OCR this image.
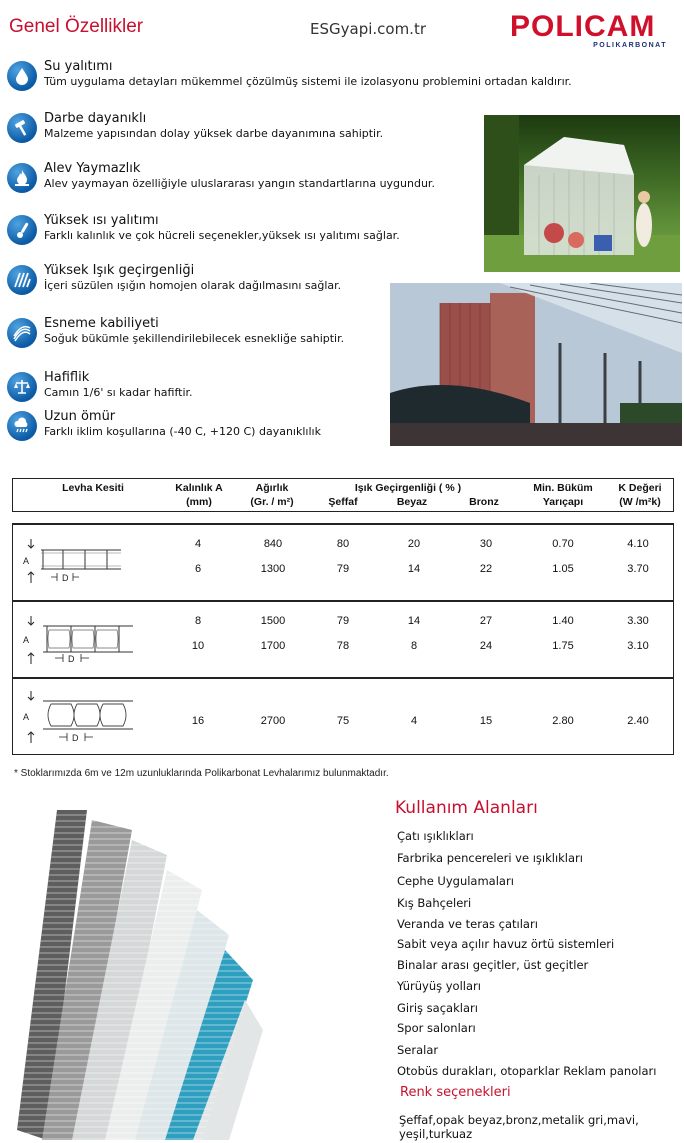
Genel Özellikler	ESGyapi.com.tr	POLICAM
POLIKARBONAT
Su yalıtımı
Tüm uygulama detayları mükemmel çözülmüş sistemi ile izolasyonu problemini ortadan kaldırır.
Darbe dayanıklı
Malzeme yapısından dolay yüksek darbe dayanımına sahiptir.
Alev Yaymazlık
Alev yaymayan özelliğiyle uluslararası yangın standartlarına uygundur.
Yüksek ısı yalıtımı
Farklı kalınlık ve çok hücreli seçenekler,yüksek ısı yalıtımı sağlar.
Yüksek Işık geçirgenliği
İçeri süzülen ışığın homojen olarak dağılmasını sağlar.
Esneme kabiliyeti
Soğuk bükümle şekillendirilebilecek esnekliğe sahiptir.
Hafiflik
Camın 1/6' sı kadar hafiftir.
Uzun ömür
Farklı iklim koşullarına (-40 C, +120 C) dayanıklılık
Levha Kesiti	Kalınlık A
(mm)
Ağırlık
(Gr. / m²)
Işık Geçirgenliği ( % )
Şeffaf	Beyaz	Bronz
Min. Büküm
Yarıçapı
K Değeri
(W /m²k)
A
D
4	840	80	20	30	0.70	4.10
6	1300	79	14	22	1.05	3.70
A
D
8	1500	79	14	27	1.40	3.30
10	1700	78	8	24	1.75	3.10
A
D
16	2700	75	4	15	2.80	2.40
* Stoklarımızda 6m ve 12m uzunluklarında Polikarbonat Levhalarımız bulunmaktadır.
Kullanım Alanları
Çatı ışıklıkları
Farbrika pencereleri ve ışıklıkları
Cephe Uygulamaları
Kış Bahçeleri
Veranda ve teras çatıları
Sabit veya açılır havuz örtü sistemleri
Binalar arası geçitler, üst geçitler
Yürüyüş yolları
Giriş saçakları
Spor salonları
Seralar
Otobüs durakları, otoparklar Reklam panoları
Renk seçenekleri
Şeffaf,opak beyaz,bronz,metalik gri,mavi, yeşil,turkuaz
